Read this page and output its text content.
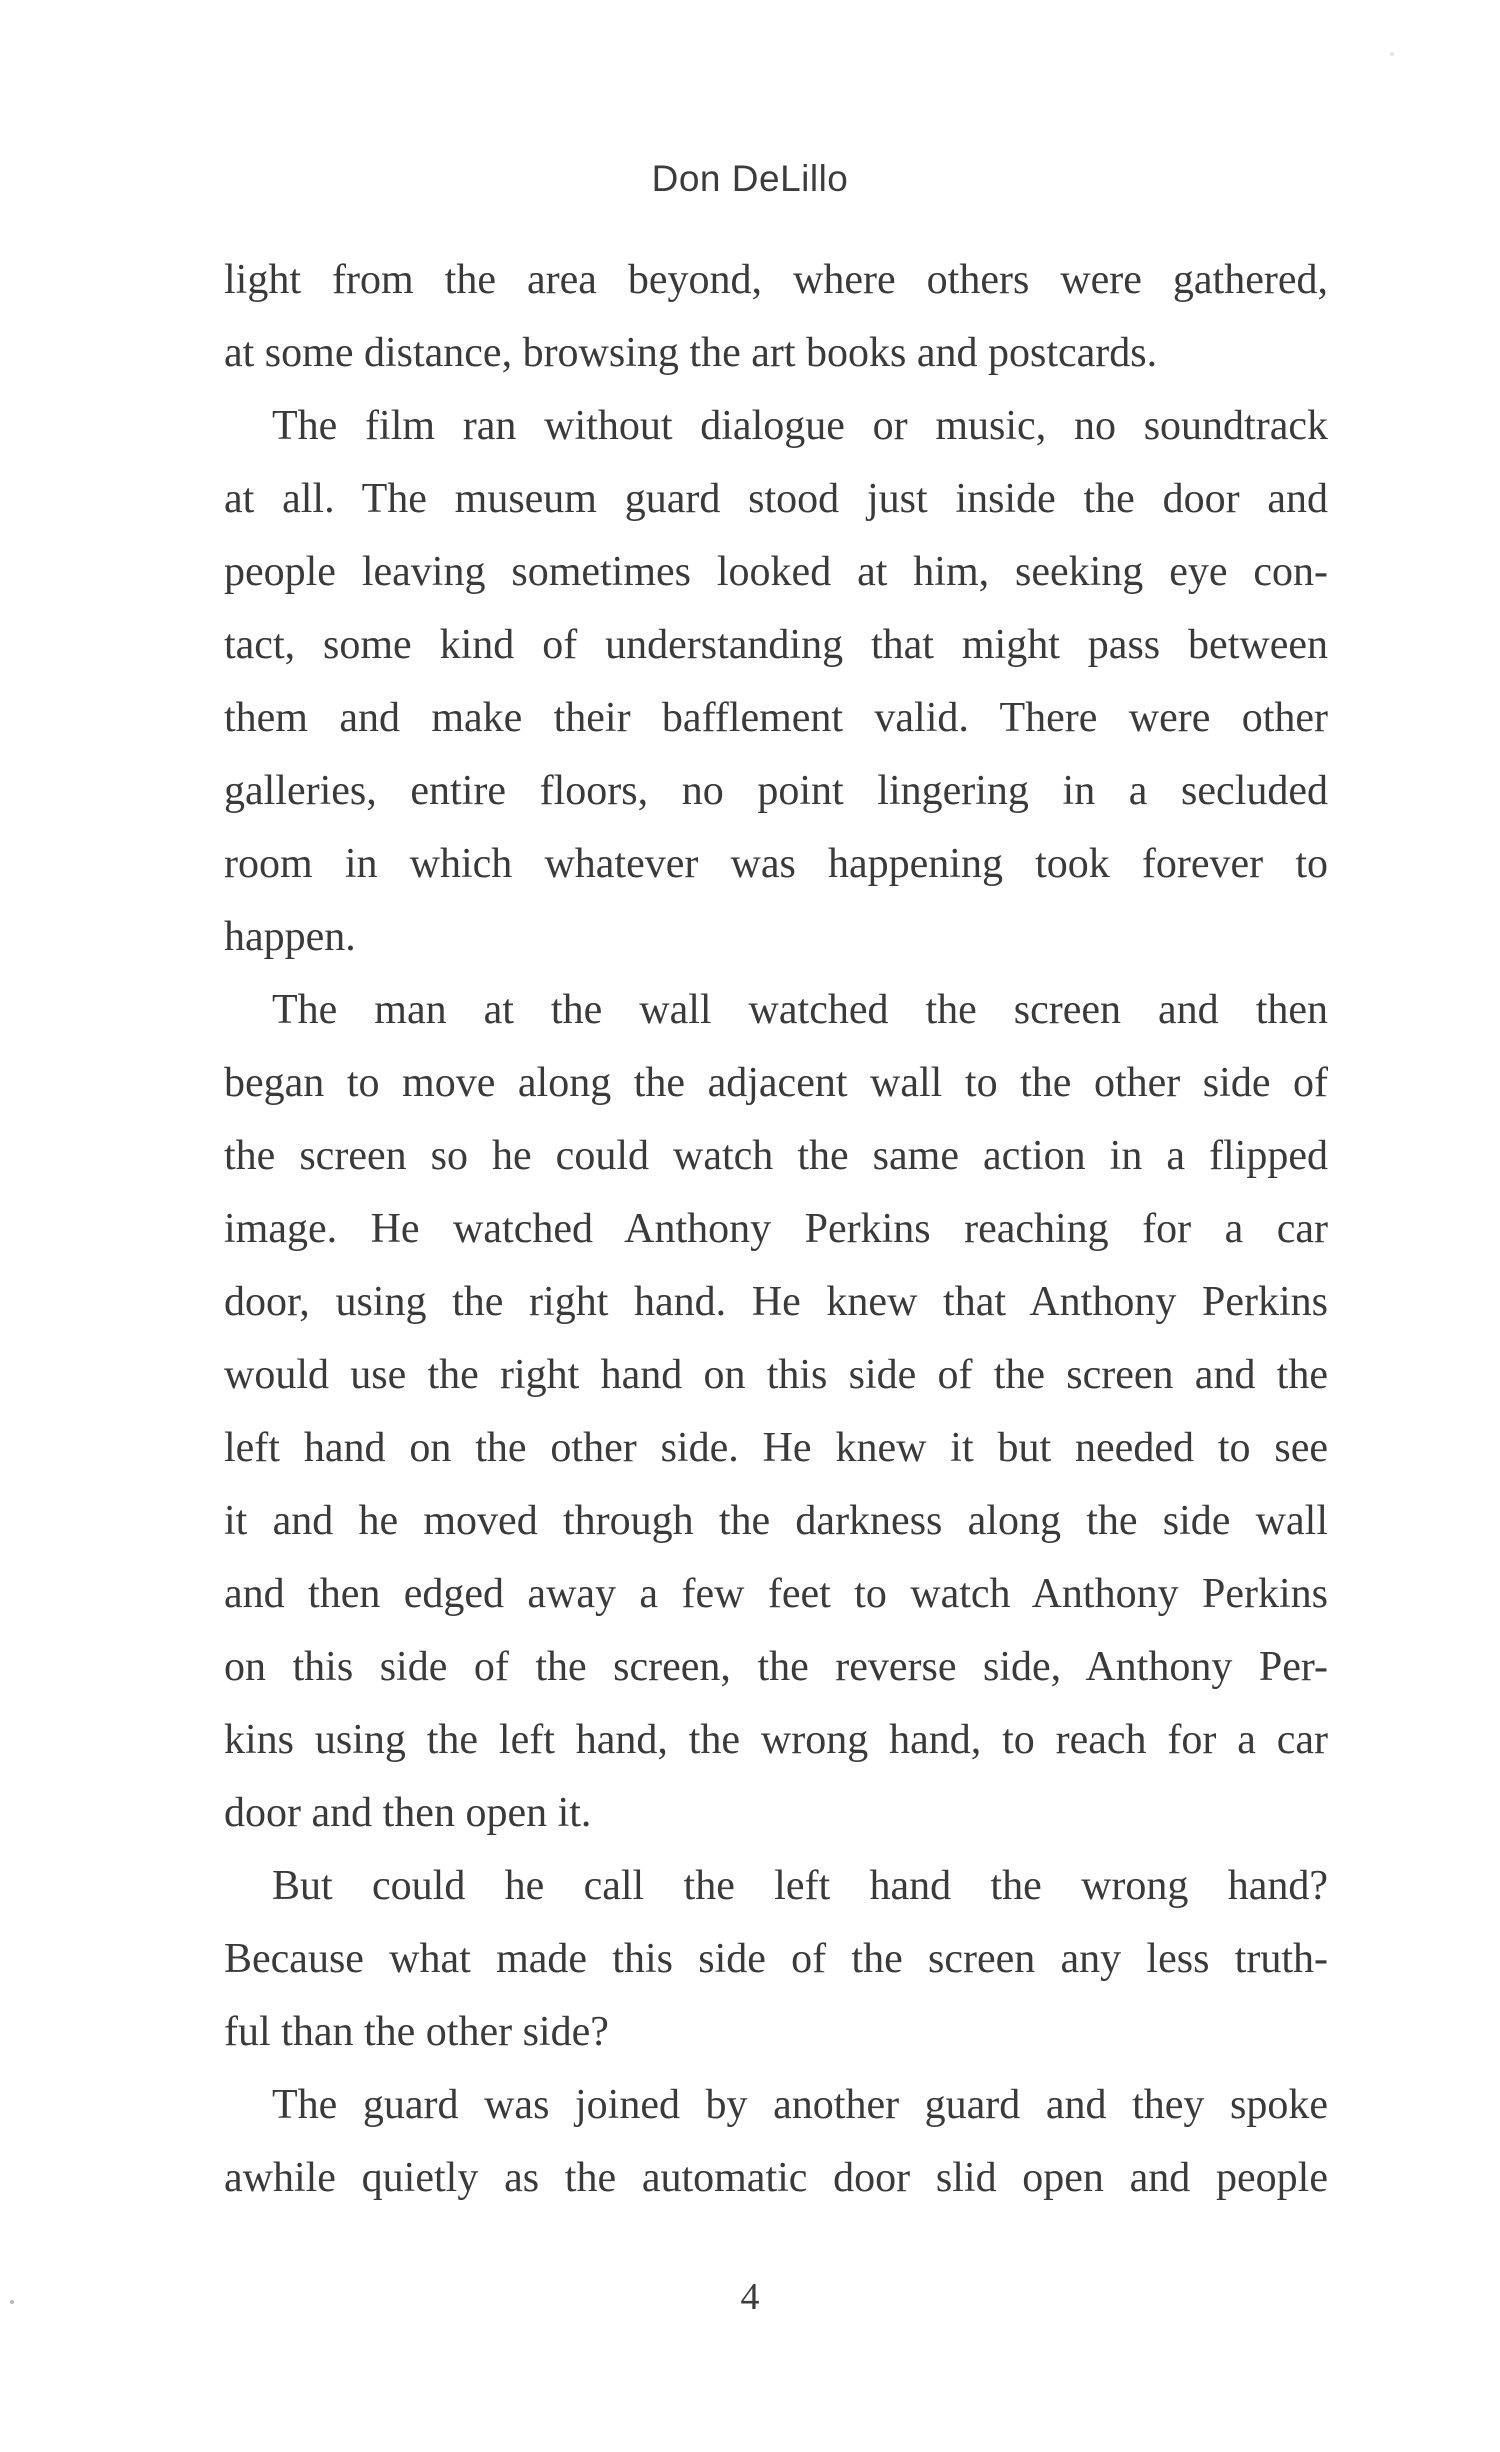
Don DeLillo
light from the area beyond, where others were gathered,
at some distance, browsing the art books and postcards.
The film ran without dialogue or music, no soundtrack
at all. The museum guard stood just inside the door and
people leaving sometimes looked at him, seeking eye con-
tact, some kind of understanding that might pass between
them and make their bafflement valid. There were other
galleries, entire floors, no point lingering in a secluded
room in which whatever was happening took forever to
happen.
The man at the wall watched the screen and then
began to move along the adjacent wall to the other side of
the screen so he could watch the same action in a flipped
image. He watched Anthony Perkins reaching for a car
door, using the right hand. He knew that Anthony Perkins
would use the right hand on this side of the screen and the
left hand on the other side. He knew it but needed to see
it and he moved through the darkness along the side wall
and then edged away a few feet to watch Anthony Perkins
on this side of the screen, the reverse side, Anthony Per-
kins using the left hand, the wrong hand, to reach for a car
door and then open it.
But could he call the left hand the wrong hand?
Because what made this side of the screen any less truth-
ful than the other side?
The guard was joined by another guard and they spoke
awhile quietly as the automatic door slid open and people
4
